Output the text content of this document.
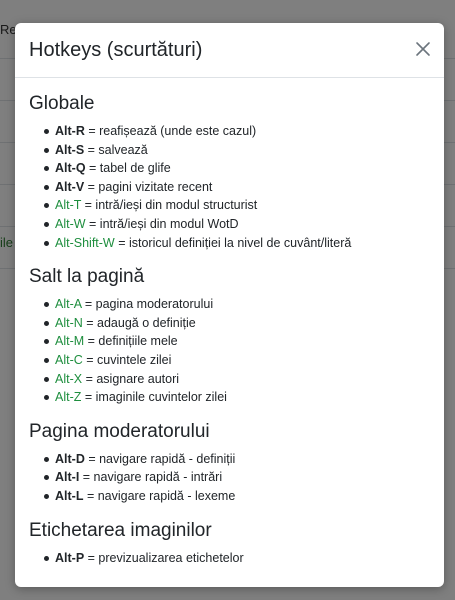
Hotkeys (scurtături)
Globale
Alt-R = reafișează (unde este cazul)
Alt-S = salvează
Alt-Q = tabel de glife
Alt-V = pagini vizitate recent
Alt-T = intră/ieși din modul structurist
Alt-W = intră/ieși din modul WotD
Alt-Shift-W = istoricul definiției la nivel de cuvânt/literă
Salt la pagină
Alt-A = pagina moderatorului
Alt-N = adaugă o definiție
Alt-M = definițiile mele
Alt-C = cuvintele zilei
Alt-X = asignare autori
Alt-Z = imaginile cuvintelor zilei
Pagina moderatorului
Alt-D = navigare rapidă - definiții
Alt-I = navigare rapidă - intrări
Alt-L = navigare rapidă - lexeme
Etichetarea imaginilor
Alt-P = previzualizarea etichetelor
